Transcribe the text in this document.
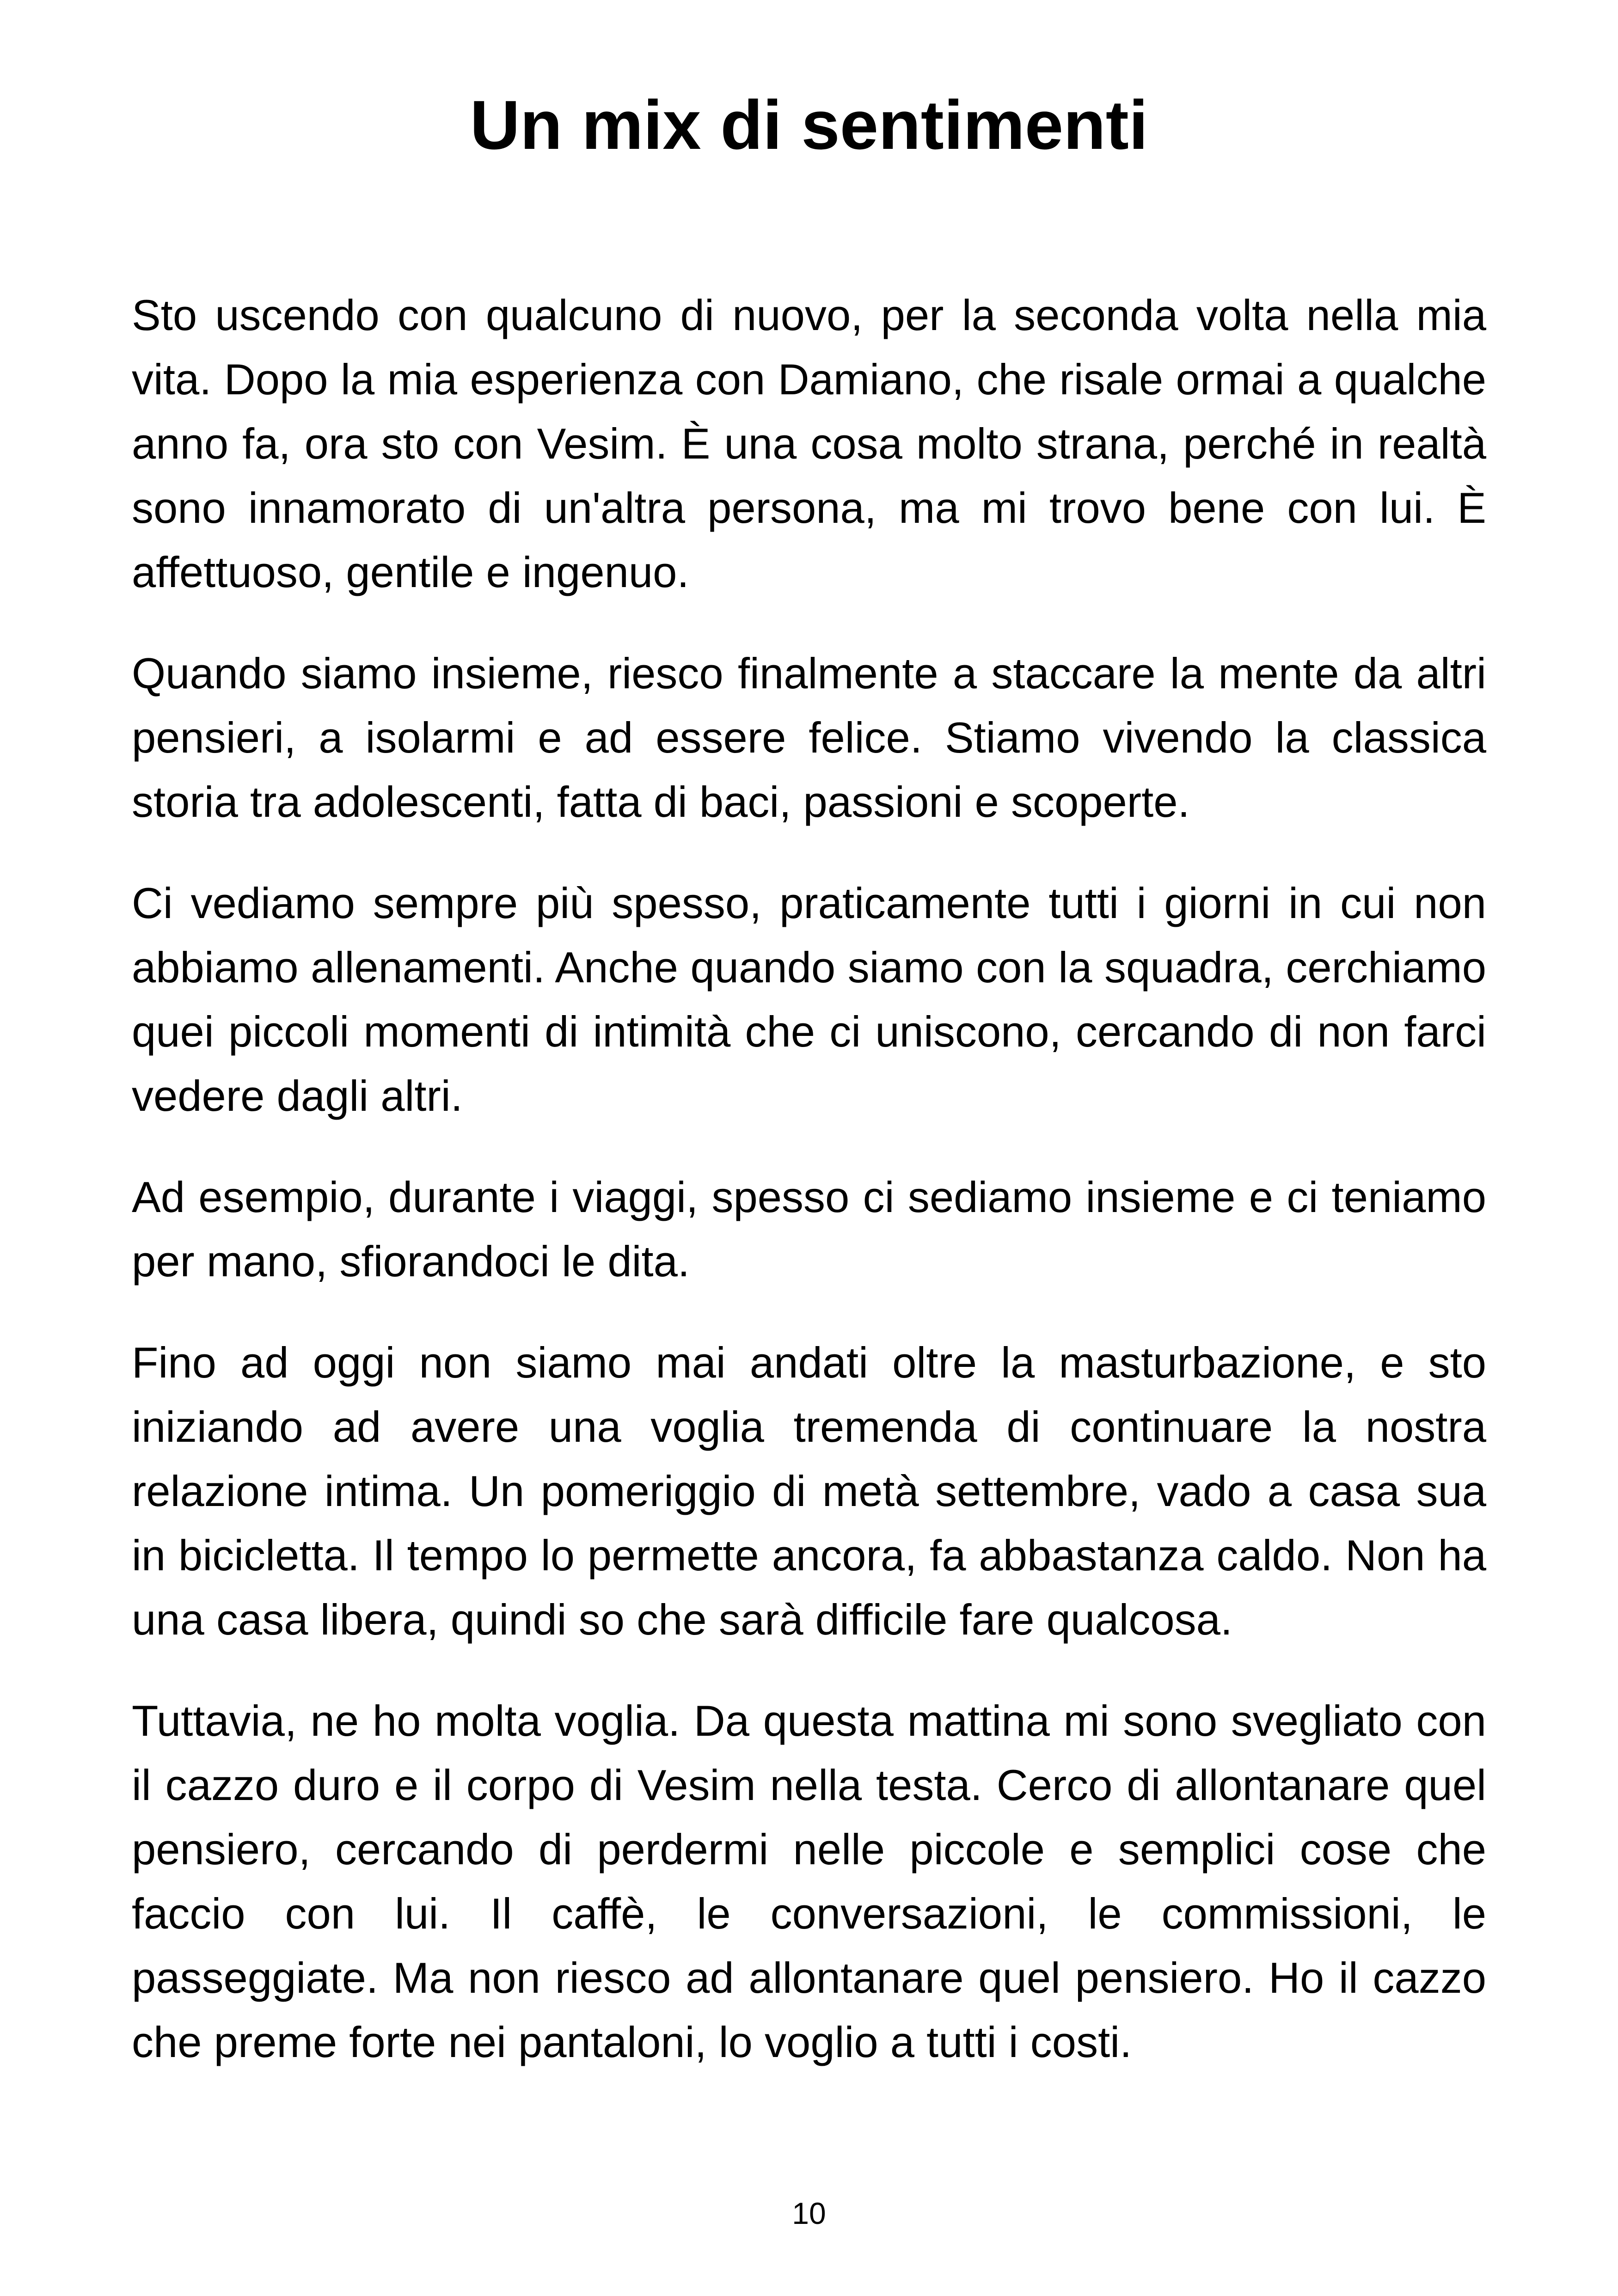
Un mix di sentimenti

Sto uscendo con qualcuno di nuovo, per la seconda volta nella mia vita. Dopo la mia esperienza con Damiano, che risale ormai a qualche anno fa, ora sto con Vesim. È una cosa molto strana, perché in realtà sono innamorato di un'altra persona, ma mi trovo bene con lui. È affettuoso, gentile e ingenuo.

Quando siamo insieme, riesco finalmente a staccare la mente da altri pensieri, a isolarmi e ad essere felice. Stiamo vivendo la classica storia tra adolescenti, fatta di baci, passioni e scoperte.

Ci vediamo sempre più spesso, praticamente tutti i giorni in cui non abbiamo allenamenti. Anche quando siamo con la squadra, cerchiamo quei piccoli momenti di intimità che ci uniscono, cercando di non farci vedere dagli altri.

Ad esempio, durante i viaggi, spesso ci sediamo insieme e ci teniamo per mano, sfiorandoci le dita.

Fino ad oggi non siamo mai andati oltre la masturbazione, e sto iniziando ad avere una voglia tremenda di continuare la nostra relazione intima. Un pomeriggio di metà settembre, vado a casa sua in bicicletta. Il tempo lo permette ancora, fa abbastanza caldo. Non ha una casa libera, quindi so che sarà difficile fare qualcosa.

Tuttavia, ne ho molta voglia. Da questa mattina mi sono svegliato con il cazzo duro e il corpo di Vesim nella testa. Cerco di allontanare quel pensiero, cercando di perdermi nelle piccole e semplici cose che faccio con lui. Il caffè, le conversazioni, le commissioni, le passeggiate. Ma non riesco ad allontanare quel pensiero. Ho il cazzo che preme forte nei pantaloni, lo voglio a tutti i costi.

10
